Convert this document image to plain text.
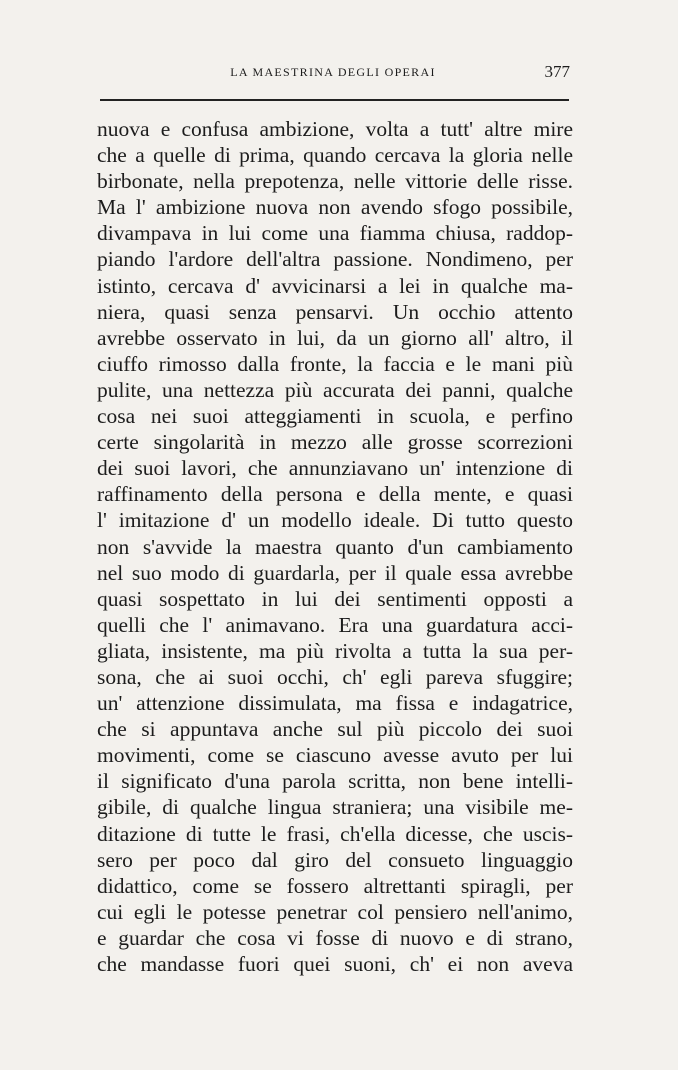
LA MAESTRINA DEGLI OPERAI	377
nuova e confusa ambizione, volta a tutt' altre mire
che a quelle di prima, quando cercava la gloria nelle
birbonate, nella prepotenza, nelle vittorie delle risse.
Ma l' ambizione nuova non avendo sfogo possibile,
divampava in lui come una fiamma chiusa, raddop-
piando l'ardore dell'altra passione. Nondimeno, per
istinto, cercava d' avvicinarsi a lei in qualche ma-
niera, quasi senza pensarvi. Un occhio attento
avrebbe osservato in lui, da un giorno all' altro, il
ciuffo rimosso dalla fronte, la faccia e le mani più
pulite, una nettezza più accurata dei panni, qualche
cosa nei suoi atteggiamenti in scuola, e perfino
certe singolarità in mezzo alle grosse scorrezioni
dei suoi lavori, che annunziavano un' intenzione di
raffinamento della persona e della mente, e quasi
l' imitazione d' un modello ideale. Di tutto questo
non s'avvide la maestra quanto d'un cambiamento
nel suo modo di guardarla, per il quale essa avrebbe
quasi sospettato in lui dei sentimenti opposti a
quelli che l' animavano. Era una guardatura acci-
gliata, insistente, ma più rivolta a tutta la sua per-
sona, che ai suoi occhi, ch' egli pareva sfuggire;
un' attenzione dissimulata, ma fissa e indagatrice,
che si appuntava anche sul più piccolo dei suoi
movimenti, come se ciascuno avesse avuto per lui
il significato d'una parola scritta, non bene intelli-
gibile, di qualche lingua straniera; una visibile me-
ditazione di tutte le frasi, ch'ella dicesse, che uscis-
sero per poco dal giro del consueto linguaggio
didattico, come se fossero altrettanti spiragli, per
cui egli le potesse penetrar col pensiero nell'animo,
e guardar che cosa vi fosse di nuovo e di strano,
che mandasse fuori quei suoni, ch' ei non aveva
